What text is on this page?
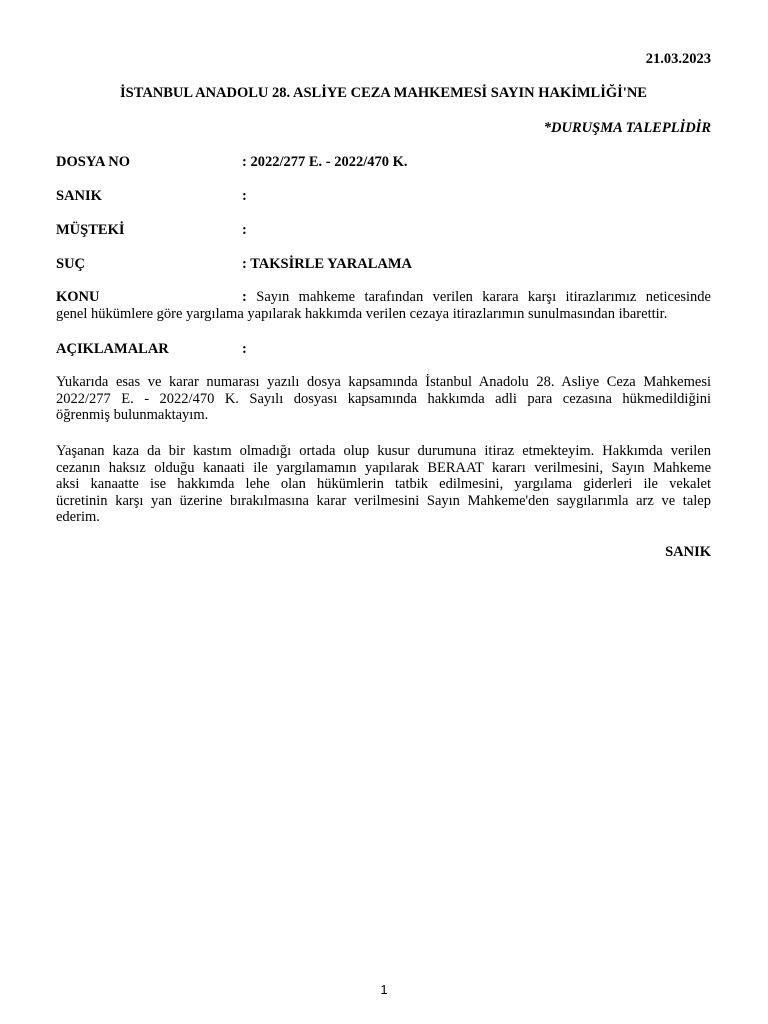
21.03.2023
İSTANBUL ANADOLU 28. ASLİYE CEZA MAHKEMESİ SAYIN HAKİMLİĞİ'NE
*DURUŞMA TALEPLİDİR
DOSYA NO	: 2022/277 E. - 2022/470 K.
SANIK	:
MÜŞTEKİ	:
SUÇ	: TAKSİRLE YARALAMA
KONU	: Sayın mahkeme tarafından verilen karara karşı itirazlarımız neticesinde
genel hükümlere göre yargılama yapılarak hakkımda verilen cezaya itirazlarımın sunulmasından ibarettir.
AÇIKLAMALAR	:
Yukarıda esas ve karar numarası yazılı dosya kapsamında İstanbul Anadolu 28. Asliye Ceza Mahkemesi
2022/277 E. - 2022/470 K. Sayılı dosyası kapsamında hakkımda adli para cezasına hükmedildiğini
öğrenmiş bulunmaktayım.
Yaşanan kaza da bir kastım olmadığı ortada olup kusur durumuna itiraz etmekteyim. Hakkımda verilen
cezanın haksız olduğu kanaati ile yargılamamın yapılarak BERAAT kararı verilmesini, Sayın Mahkeme
aksi kanaatte ise hakkımda lehe olan hükümlerin tatbik edilmesini, yargılama giderleri ile vekalet
ücretinin karşı yan üzerine bırakılmasına karar verilmesini Sayın Mahkeme'den saygılarımla arz ve talep
ederim.
SANIK
1
